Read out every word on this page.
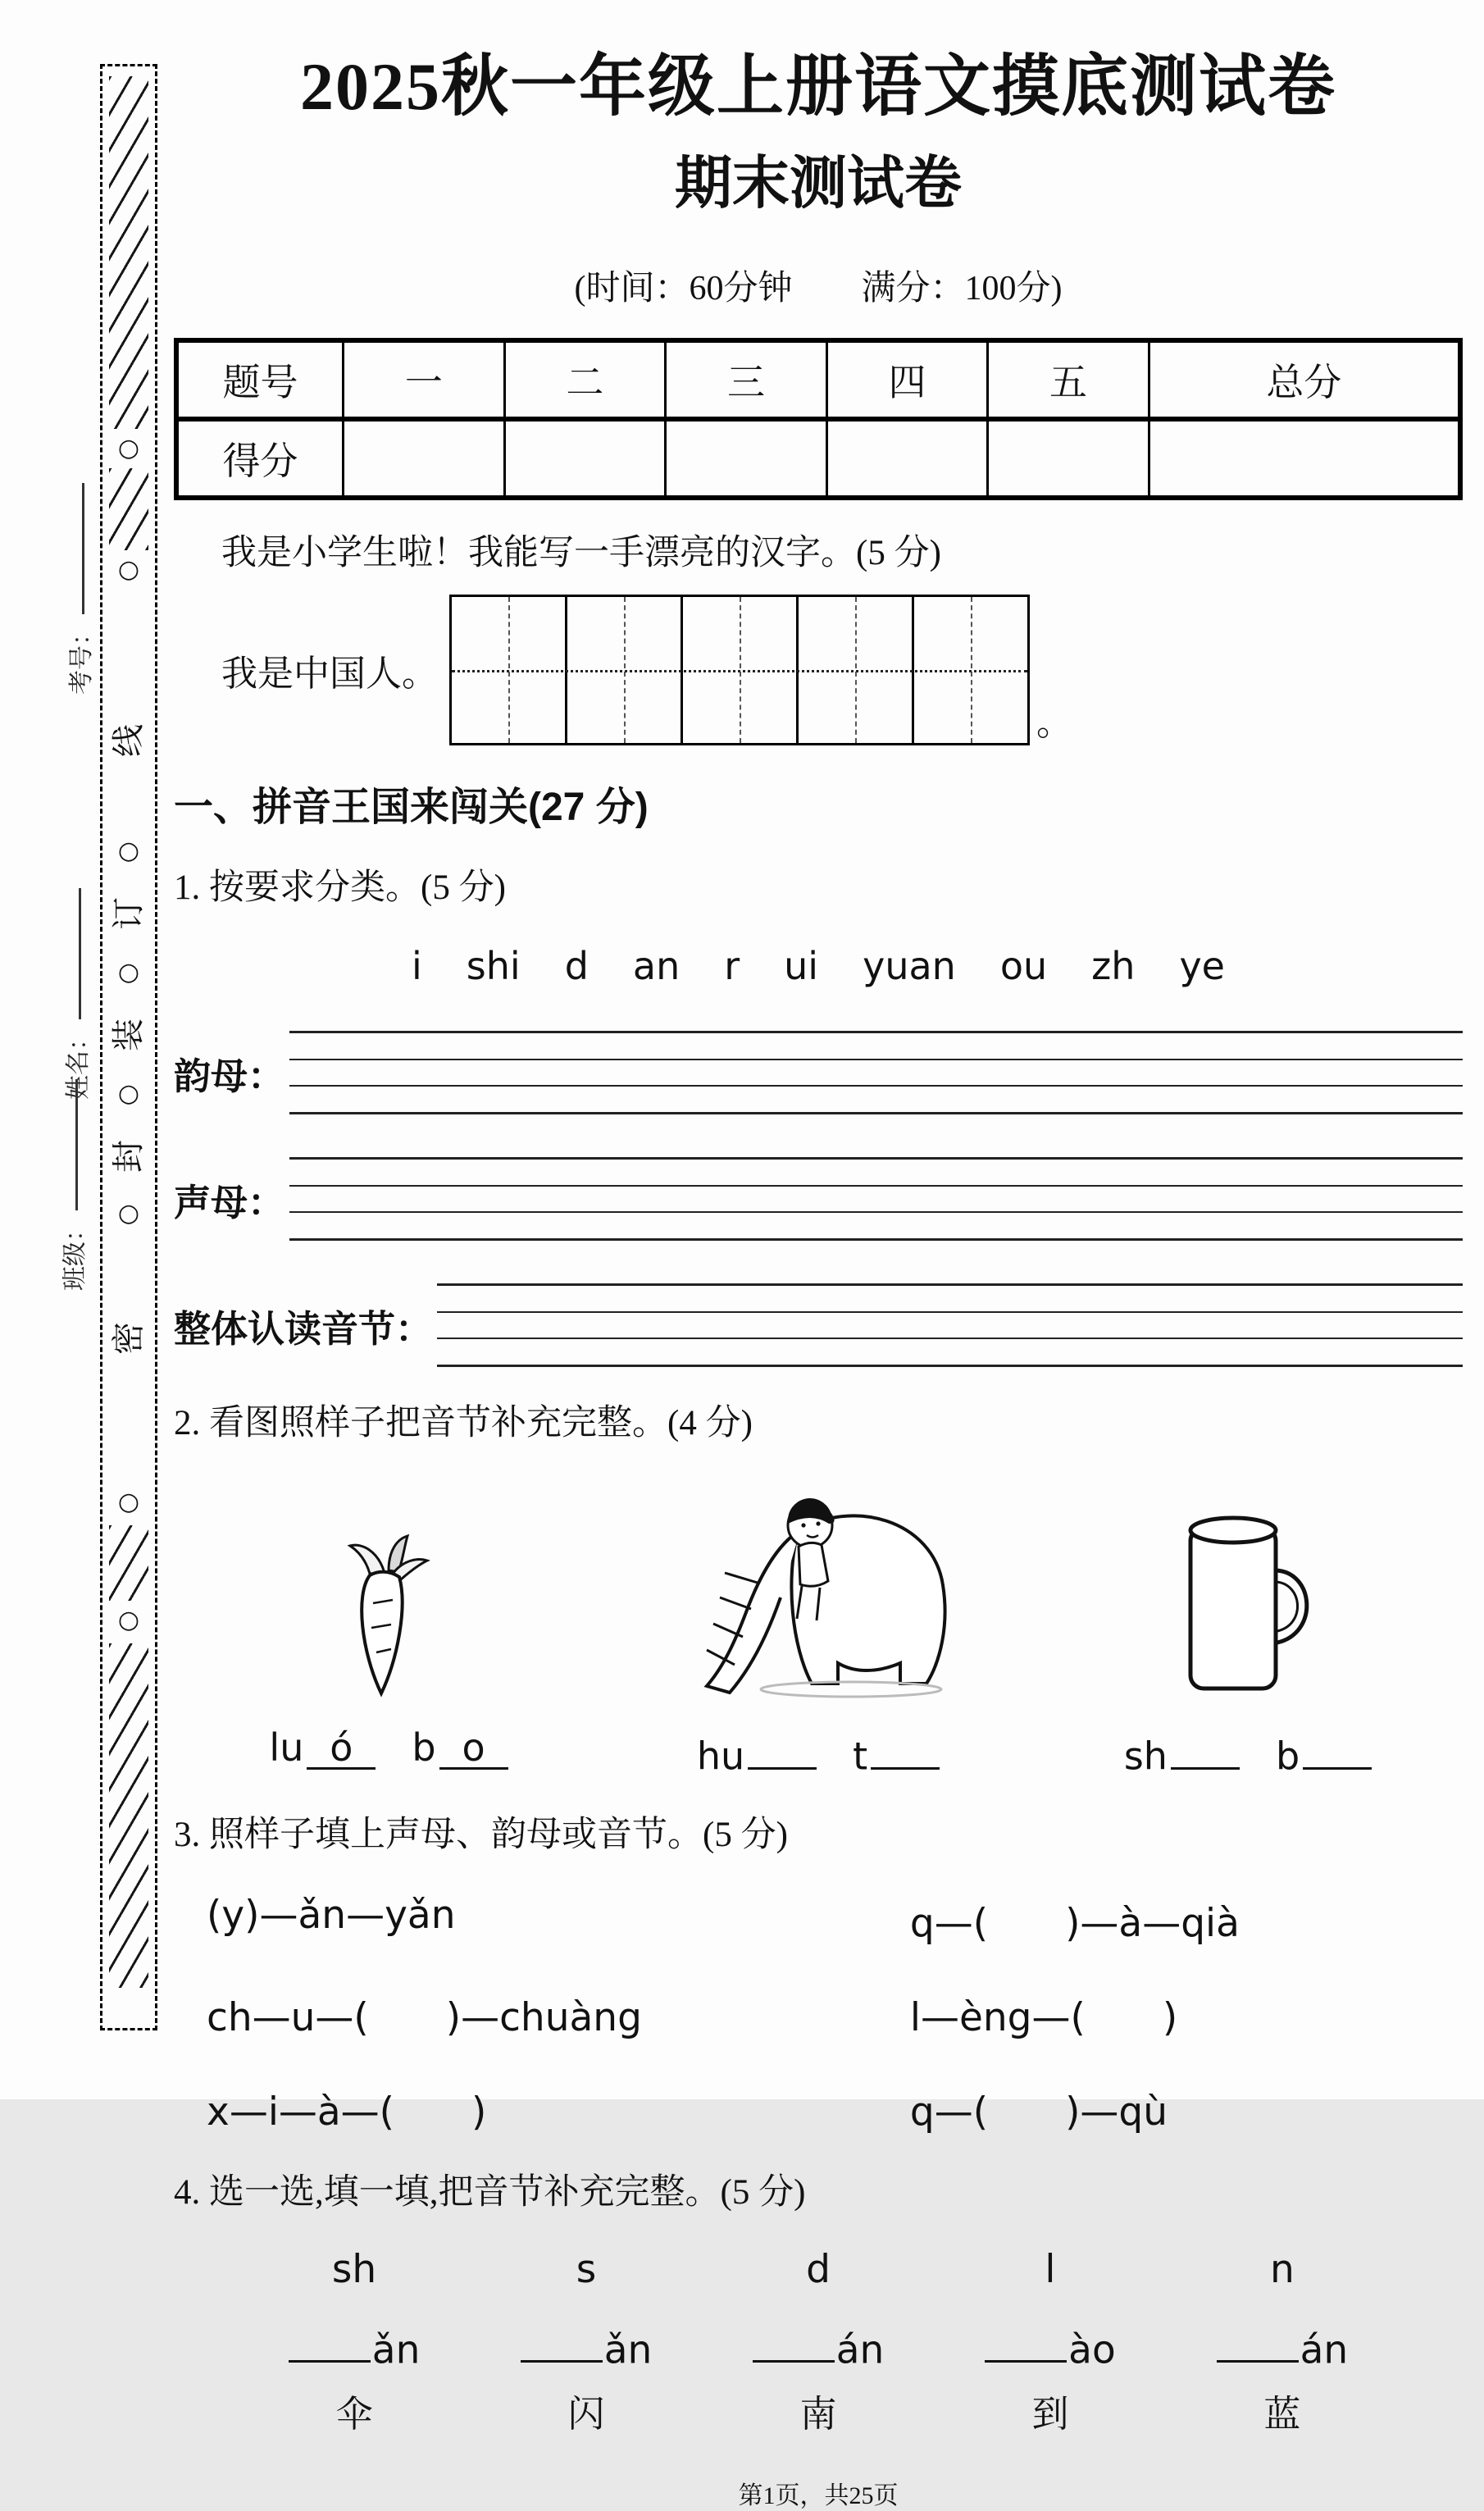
考号：
姓名：
班级：
○
○
线
○
订
○
装
○
封
○
密
○
○
2025秋一年级上册语文摸底测试卷
期末测试卷
(时间：60分钟　　满分：100分)
题号	一	二	三	四	五	总分
得分						

我是小学生啦！我能写一手漂亮的汉字。(5 分)

我是中国人。
。
一、拼音王国来闯关(27 分)

1. 按要求分类。(5 分)

i shi d an r ui yuan ou zh ye
韵母：
声母：
整体认读音节：

2. 看图照样子把音节补充完整。(4 分)

lu ó	b o	hu	t	sh	b

3. 照样子填上声母、韵母或音节。(5 分)

(y)—ǎn—yǎn	q—(　　)—à—qià
ch—u—(　　)—chuàng	l—èng—(　　)
x—i—à—(　　)	q—(　　)—qù

4. 选一选,填一填,把音节补充完整。(5 分)

sh	s	d	l	n
ǎn	ǎn	án	ào	án
伞	闪	南	到	蓝
第1页，共25页
